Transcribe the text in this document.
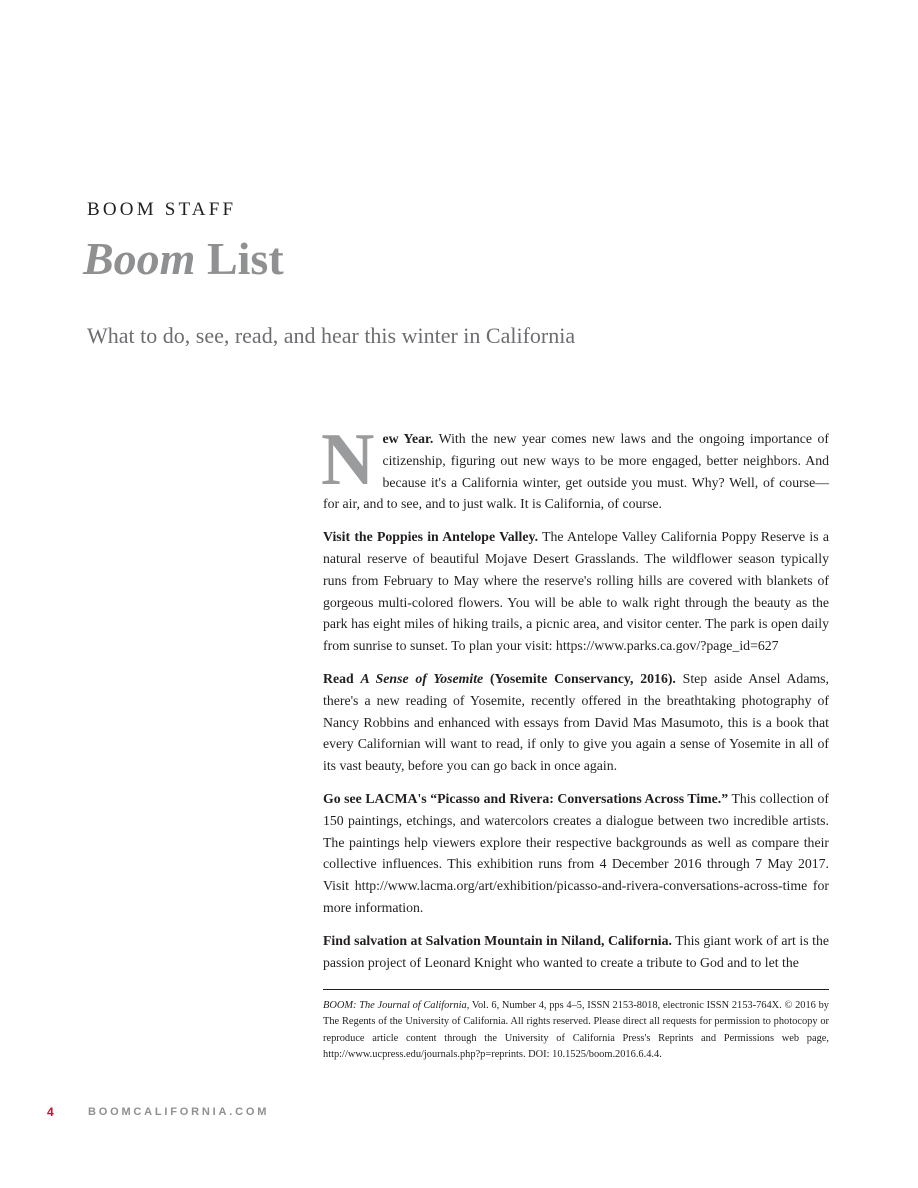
BOOM STAFF
Boom List
What to do, see, read, and hear this winter in California

New Year. With the new year comes new laws and the ongoing importance of citizenship, figuring out new ways to be more engaged, better neighbors. And because it's a California winter, get outside you must. Why? Well, of course—for air, and to see, and to just walk. It is California, of course.

Visit the Poppies in Antelope Valley. The Antelope Valley California Poppy Reserve is a natural reserve of beautiful Mojave Desert Grasslands. The wildflower season typically runs from February to May where the reserve's rolling hills are covered with blankets of gorgeous multi-colored flowers. You will be able to walk right through the beauty as the park has eight miles of hiking trails, a picnic area, and visitor center. The park is open daily from sunrise to sunset. To plan your visit: https://www.parks.ca.gov/?page_id=627

Read A Sense of Yosemite (Yosemite Conservancy, 2016). Step aside Ansel Adams, there's a new reading of Yosemite, recently offered in the breathtaking photography of Nancy Robbins and enhanced with essays from David Mas Masumoto, this is a book that every Californian will want to read, if only to give you again a sense of Yosemite in all of its vast beauty, before you can go back in once again.

Go see LACMA's “Picasso and Rivera: Conversations Across Time.” This collection of 150 paintings, etchings, and watercolors creates a dialogue between two incredible artists. The paintings help viewers explore their respective backgrounds as well as compare their collective influences. This exhibition runs from 4 December 2016 through 7 May 2017. Visit http://www.lacma.org/art/exhibition/picasso-and-rivera-conversations-across-time for more information.

Find salvation at Salvation Mountain in Niland, California. This giant work of art is the passion project of Leonard Knight who wanted to create a tribute to God and to let the

BOOM: The Journal of California, Vol. 6, Number 4, pps 4–5, ISSN 2153-8018, electronic ISSN 2153-764X. © 2016 by The Regents of the University of California. All rights reserved. Please direct all requests for permission to photocopy or reproduce article content through the University of California Press's Reprints and Permissions web page, http://www.ucpress.edu/journals.php?p=reprints. DOI: 10.1525/boom.2016.6.4.4.
4	BOOMCALIFORNIA.COM
